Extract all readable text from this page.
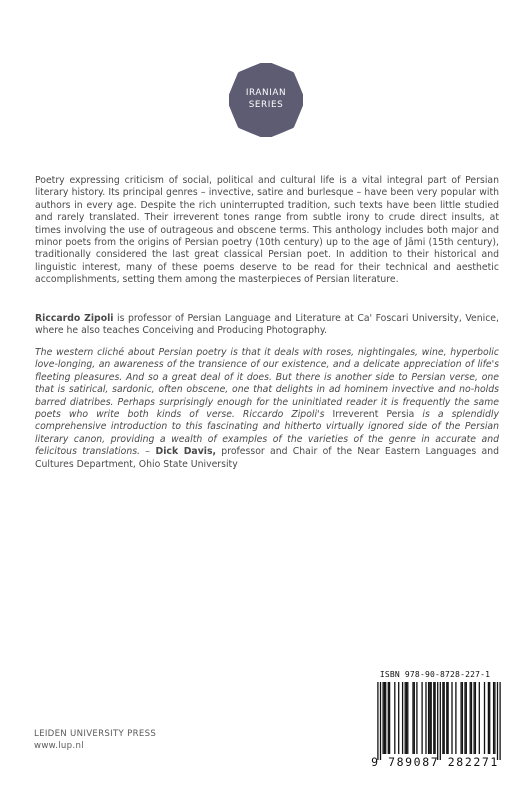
IRANIAN
SERIES
Poetry expressing criticism of social, political and cultural life is a vital integral part of Persian literary history. Its principal genres – invective, satire and burlesque – have been very popular with authors in every age. Despite the rich uninterrupted tradition, such texts have been little studied and rarely translated. Their irreverent tones range from subtle irony to crude direct insults, at times involving the use of outrageous and obscene terms. This anthology includes both major and minor poets from the origins of Persian poetry (10th century) up to the age of Jāmi (15th century), traditionally considered the last great classical Persian poet. In addition to their historical and linguistic interest, many of these poems deserve to be read for their technical and aesthetic accomplishments, setting them among the masterpieces of Persian literature.
Riccardo Zipoli is professor of Persian Language and Literature at Ca' Foscari University, Venice, where he also teaches Conceiving and Producing Photography.
The western cliché about Persian poetry is that it deals with roses, nightingales, wine, hyperbolic love-longing, an awareness of the transience of our existence, and a delicate appreciation of life's fleeting pleasures. And so a great deal of it does. But there is another side to Persian verse, one that is satirical, sardonic, often obscene, one that delights in ad hominem invective and no-holds barred diatribes. Perhaps surprisingly enough for the uninitiated reader it is frequently the same poets who write both kinds of verse. Riccardo Zipoli's Irreverent Persia is a splendidly comprehensive introduction to this fascinating and hitherto virtually ignored side of the Persian literary canon, providing a wealth of examples of the varieties of the genre in accurate and felicitous translations. – Dick Davis, professor and Chair of the Near Eastern Languages and Cultures Department, Ohio State University
LEIDEN UNIVERSITY PRESS
www.lup.nl
ISBN 978-90-8728-227-1
9 789087 282271
